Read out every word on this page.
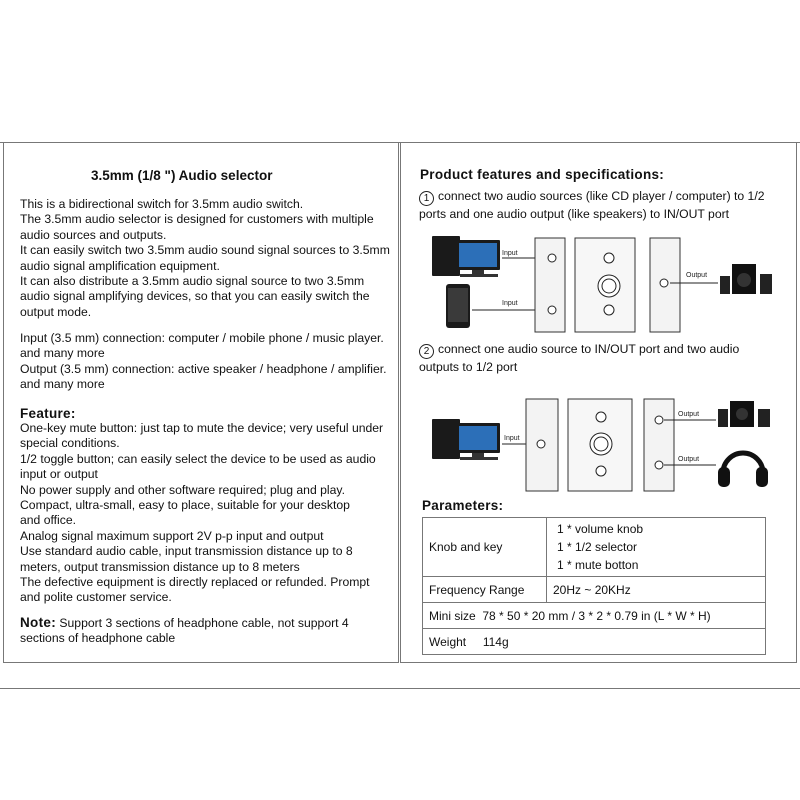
3.5mm (1/8 ") Audio selector
This is a bidirectional switch for 3.5mm audio switch.
The 3.5mm audio selector is designed for customers with multiple
audio sources and outputs.
It can easily switch two 3.5mm audio sound signal sources to 3.5mm
audio signal amplification equipment.
It can also distribute a 3.5mm audio signal source to two 3.5mm
audio signal amplifying devices, so that you can easily switch the
output mode.
Input (3.5 mm) connection: computer / mobile phone / music player.
and many more
Output (3.5 mm) connection: active speaker / headphone / amplifier.
and many more
Feature:
One-key mute button: just tap to mute the device; very useful under
special conditions.
1/2 toggle button; can easily select the device to be used as audio
input or output
No power supply and other software required; plug and play.
Compact, ultra-small, easy to place, suitable for your desktop
and office.
Analog signal maximum support 2V p-p input and output
Use standard audio cable, input transmission distance up to 8
meters, output transmission distance up to 8 meters
The defective equipment is directly replaced or refunded. Prompt
and polite customer service.
Note: Support 3 sections of headphone cable, not support 4
sections of headphone cable
Product features and specifications:
1 connect two audio sources (like CD player / computer) to 1/2
ports and one audio output (like speakers) to IN/OUT port
Input
Input
Output
2 connect one audio source to IN/OUT port and two audio
outputs to 1/2 port
Input
Output
Output
Parameters:
Knob and key	1 * volume knob
1 * 1/2 selector
1 * mute botton

Frequency Range	20Hz ~ 20KHz
Mini size 78 * 50 * 20 mm / 3 * 2 * 0.79 in (L * W * H)	
Weight 114g	
